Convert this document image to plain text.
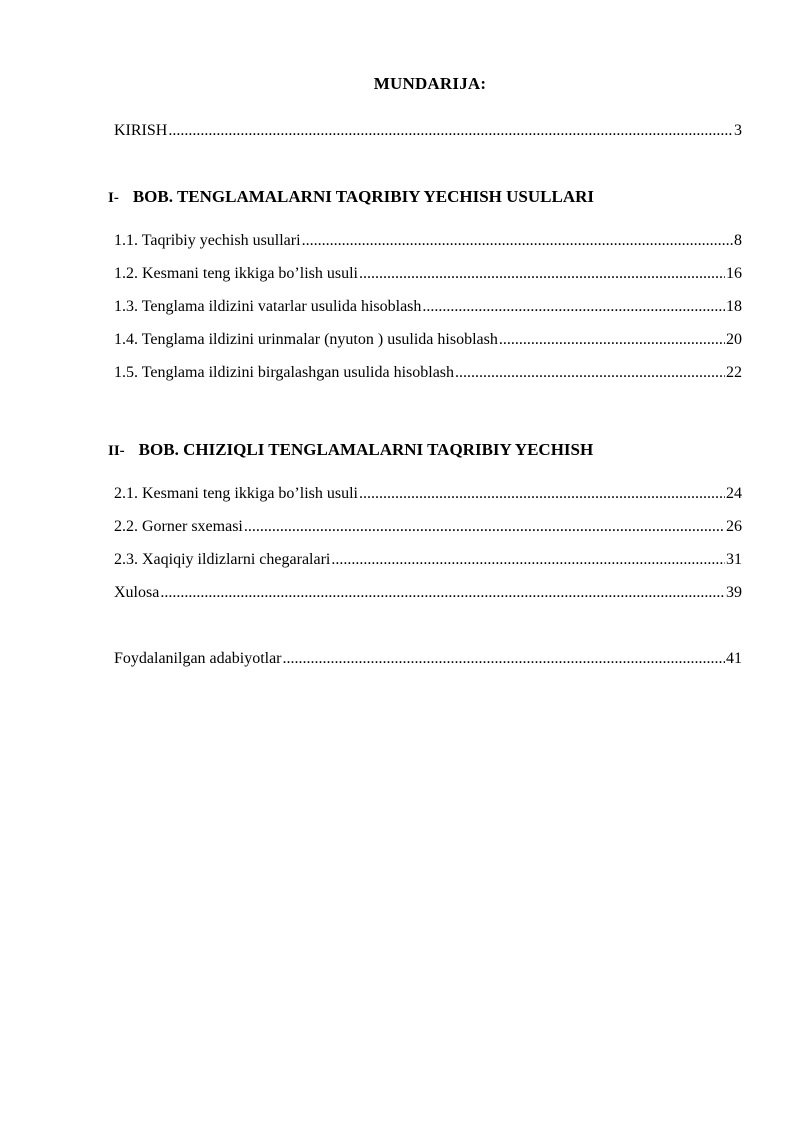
MUNDARIJA:
KIRISH .....	3
I- BOB. TENGLAMALARNI TAQRIBIY YECHISH USULLARI
1.1. Taqribiy yechish usullari .....	8
1.2. Kesmani teng ikkiga bo’lish usuli .....	16
1.3. Tenglama ildizini vatarlar usulida hisoblash .....	18
1.4. Tenglama ildizini urinmalar (nyuton ) usulida hisoblash .....	20
1.5. Tenglama ildizini birgalashgan usulida hisoblash .....	22
II- BOB. CHIZIQLI TENGLAMALARNI TAQRIBIY YECHISH
2.1. Kesmani teng ikkiga bo’lish usuli .....	24
2.2. Gorner sxemasi .....	26
2.3. Xaqiqiy ildizlarni chegaralari .....	31
Xulosa .....	39
Foydalanilgan adabiyotlar .....	41
